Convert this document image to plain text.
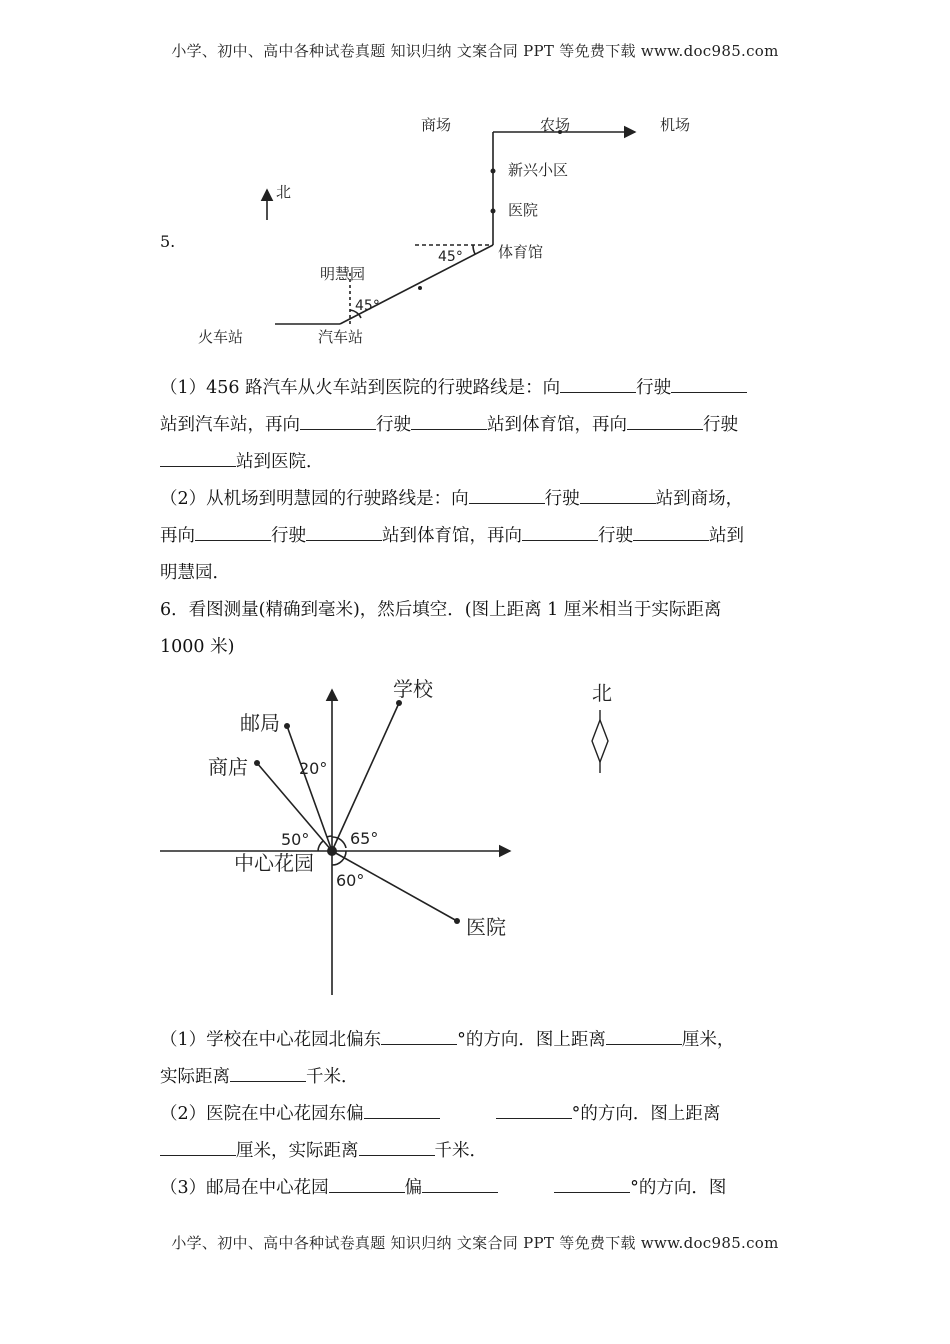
小学、初中、高中各种试卷真题 知识归纳 文案合同 PPT 等免费下载 www.doc985.com
5.
北
商场	农场	机场
新兴小区
医院
体育馆
明慧园
火车站	汽车站
45°
45°
（1）456 路汽车从火车站到医院的行驶路线是：向	行驶
站到汽车站，再向	行驶	站到体育馆，再向	行驶
站到医院．
（2）从机场到明慧园的行驶路线是：向	行驶	站到商场，
再向	行驶	站到体育馆，再向	行驶	站到
明慧园．
6．看图测量(精确到毫米)，然后填空．(图上距离 1 厘米相当于实际距离
1000 米)
北
学校
邮局
商店
医院
中心花园
20°
50°	65°
60°
（1）学校在中心花园北偏东	°的方向．图上距离	厘米，
实际距离	千米．
（2）医院在中心花园东偏	°的方向．图上距离
厘米，实际距离	千米．
（3）邮局在中心花园	偏	°的方向．图
小学、初中、高中各种试卷真题 知识归纳 文案合同 PPT 等免费下载 www.doc985.com
